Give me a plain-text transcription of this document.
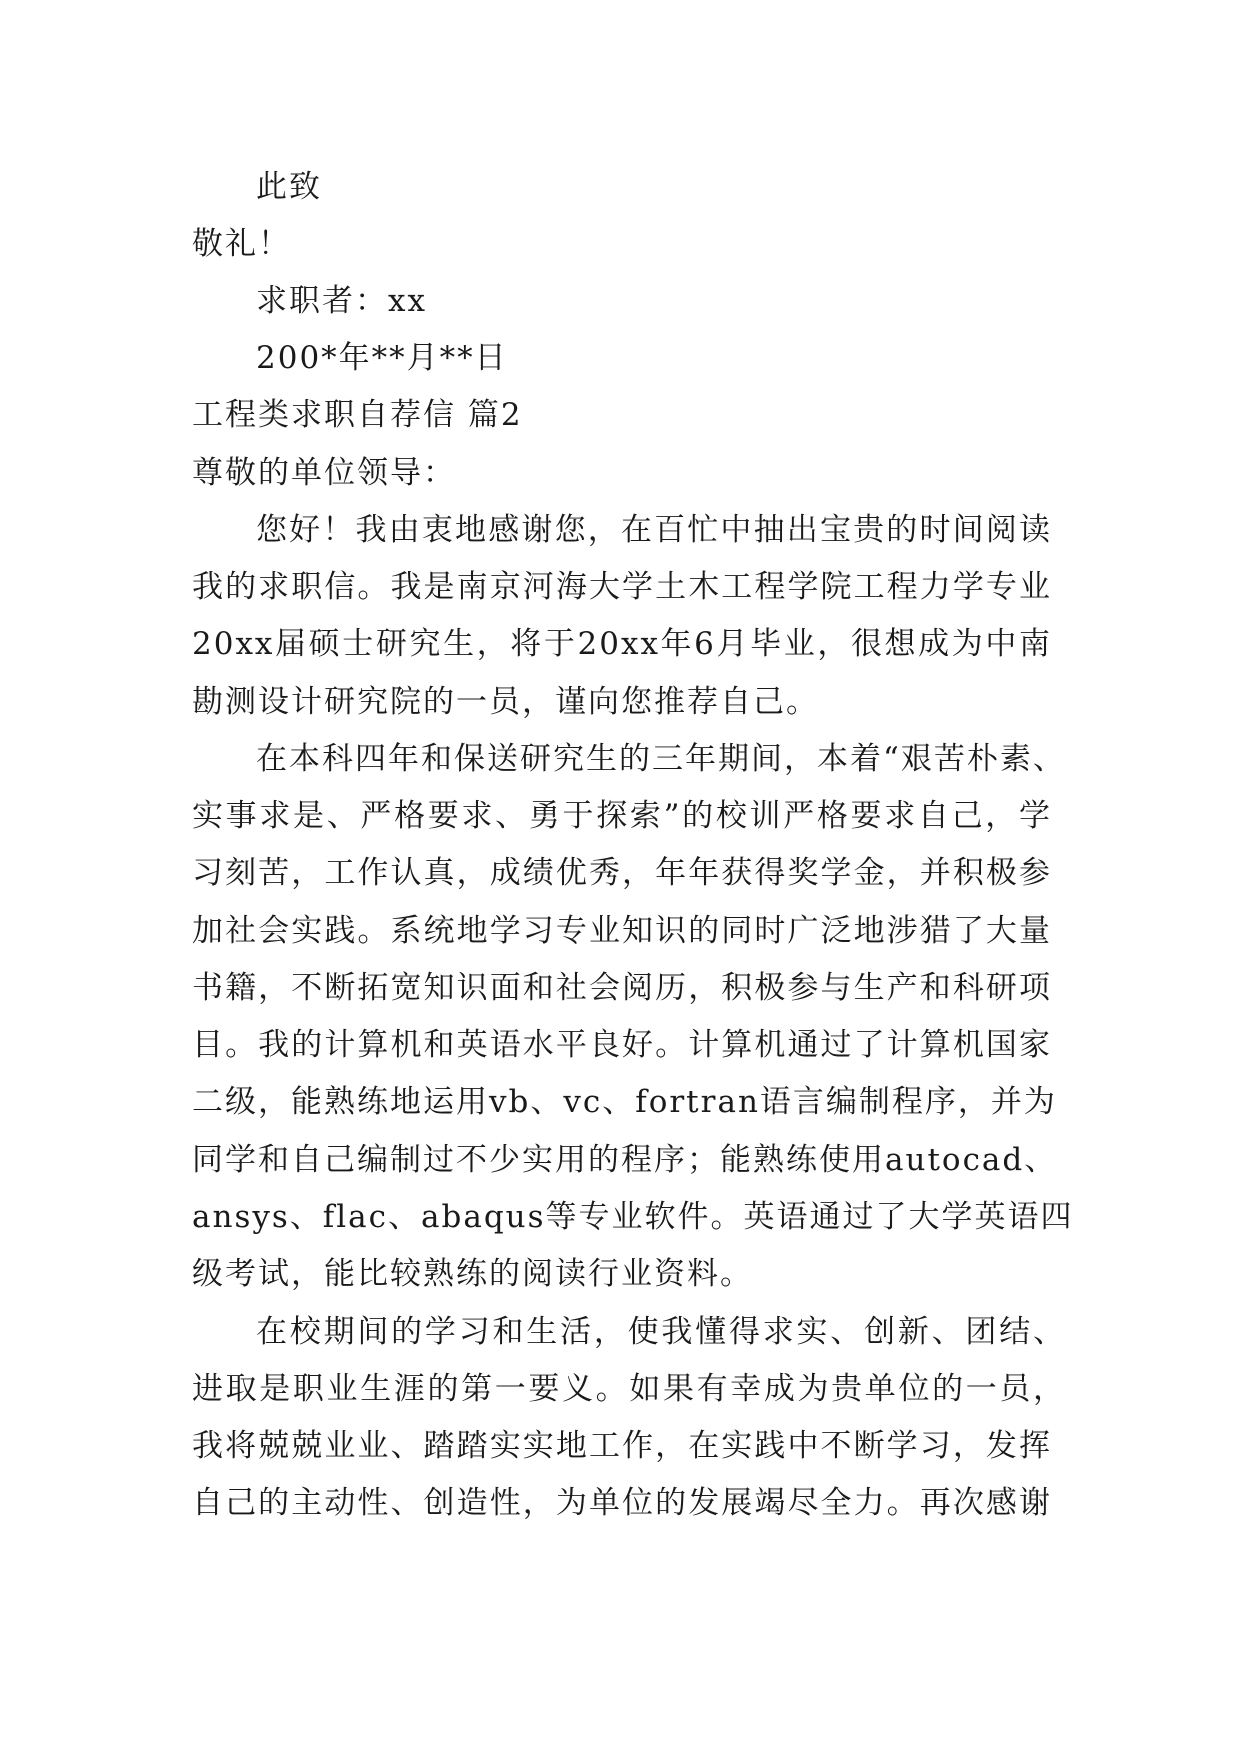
此致
敬礼！
求职者：xx
200*年**月**日
工程类求职自荐信 篇2
尊敬的单位领导：
您好！我由衷地感谢您，在百忙中抽出宝贵的时间阅读
我的求职信。我是南京河海大学土木工程学院工程力学专业
20xx届硕士研究生，将于20xx年6月毕业，很想成为中南
勘测设计研究院的一员，谨向您推荐自己。
在本科四年和保送研究生的三年期间，本着“艰苦朴素、
实事求是、严格要求、勇于探索”的校训严格要求自己，学
习刻苦，工作认真，成绩优秀，年年获得奖学金，并积极参
加社会实践。系统地学习专业知识的同时广泛地涉猎了大量
书籍，不断拓宽知识面和社会阅历，积极参与生产和科研项
目。我的计算机和英语水平良好。计算机通过了计算机国家
二级，能熟练地运用vb、vc、fortran语言编制程序，并为
同学和自己编制过不少实用的程序；能熟练使用autocad、
ansys、flac、abaqus等专业软件。英语通过了大学英语四
级考试，能比较熟练的阅读行业资料。
在校期间的学习和生活，使我懂得求实、创新、团结、
进取是职业生涯的第一要义。如果有幸成为贵单位的一员，
我将兢兢业业、踏踏实实地工作，在实践中不断学习，发挥
自己的主动性、创造性，为单位的发展竭尽全力。再次感谢
